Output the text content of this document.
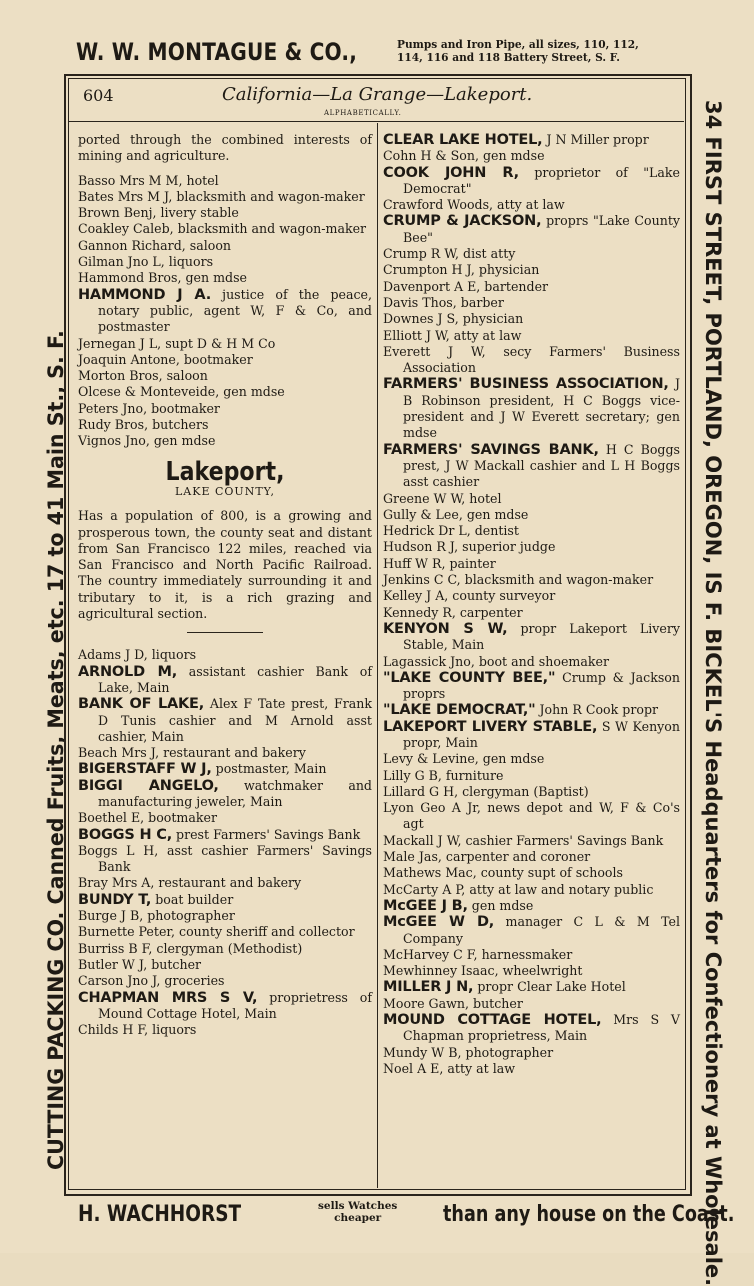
W. W. MONTAGUE & CO.,	Pumps and Iron Pipe, all sizes, 110, 112,
114, 116 and 118 Battery Street, S. F.
CUTTING PACKING CO. Canned Fruits, Meats, etc. 17 to 41 Main St., S. F.	34 FIRST STREET, PORTLAND, OREGON, IS F. BICKEL'S Headquarters for Confectionery at Wholesale.
604	California—La Grange—Lakeport.
ALPHABETICALLY.

ported through the combined interests of mining and agriculture.

Basso Mrs M M, hotel

Bates Mrs M J, blacksmith and wagon-maker

Brown Benj, livery stable

Coakley Caleb, blacksmith and wagon-maker

Gannon Richard, saloon

Gilman Jno L, liquors

Hammond Bros, gen mdse

HAMMOND J A. justice of the peace, notary public, agent W, F & Co, and postmaster

Jernegan J L, supt D & H M Co

Joaquin Antone, bootmaker

Morton Bros, saloon

Olcese & Monteveide, gen mdse

Peters Jno, bootmaker

Rudy Bros, butchers

Vignos Jno, gen mdse

Lakeport,
LAKE COUNTY,

Has a population of 800, is a growing and prosperous town, the county seat and distant from San Francisco 122 miles, reached via San Francisco and North Pacific Railroad. The country immediately surrounding it and tributary to it, is a rich grazing and agricultural section.

Adams J D, liquors

ARNOLD M, assistant cashier Bank of Lake, Main

BANK OF LAKE, Alex F Tate prest, Frank D Tunis cashier and M Arnold asst cashier, Main

Beach Mrs J, restaurant and bakery

BIGERSTAFF W J, postmaster, Main

BIGGI ANGELO, watchmaker and manufacturing jeweler, Main

Boethel E, bootmaker

BOGGS H C, prest Farmers' Savings Bank

Boggs L H, asst cashier Farmers' Savings Bank

Bray Mrs A, restaurant and bakery

BUNDY T, boat builder

Burge J B, photographer

Burnette Peter, county sheriff and collector

Burriss B F, clergyman (Methodist)

Butler W J, butcher

Carson Jno J, groceries

CHAPMAN MRS S V, proprietress of Mound Cottage Hotel, Main

Childs H F, liquors

CLEAR LAKE HOTEL, J N Miller propr

Cohn H & Son, gen mdse

COOK JOHN R, proprietor of "Lake Democrat"

Crawford Woods, atty at law

CRUMP & JACKSON, proprs "Lake County Bee"

Crump R W, dist atty

Crumpton H J, physician

Davenport A E, bartender

Davis Thos, barber

Downes J S, physician

Elliott J W, atty at law

Everett J W, secy Farmers' Business Association

FARMERS' BUSINESS ASSOCIATION, J B Robinson president, H C Boggs vice-president and J W Everett secretary; gen mdse

FARMERS' SAVINGS BANK, H C Boggs prest, J W Mackall cashier and L H Boggs asst cashier

Greene W W, hotel

Gully & Lee, gen mdse

Hedrick Dr L, dentist

Hudson R J, superior judge

Huff W R, painter

Jenkins C C, blacksmith and wagon-maker

Kelley J A, county surveyor

Kennedy R, carpenter

KENYON S W, propr Lakeport Livery Stable, Main

Lagassick Jno, boot and shoemaker

"LAKE COUNTY BEE," Crump & Jackson proprs

"LAKE DEMOCRAT," John R Cook propr

LAKEPORT LIVERY STABLE, S W Kenyon propr, Main

Levy & Levine, gen mdse

Lilly G B, furniture

Lillard G H, clergyman (Baptist)

Lyon Geo A Jr, news depot and W, F & Co's agt

Mackall J W, cashier Farmers' Savings Bank

Male Jas, carpenter and coroner

Mathews Mac, county supt of schools

McCarty A P, atty at law and notary public

McGEE J B, gen mdse

McGEE W D, manager C L & M Tel Company

McHarvey C F, harnessmaker

Mewhinney Isaac, wheelwright

MILLER J N, propr Clear Lake Hotel

Moore Gawn, butcher

MOUND COTTAGE HOTEL, Mrs S V Chapman proprietress, Main

Mundy W B, photographer

Noel A E, atty at law

H. WACHHORST	sells Watches
cheaper	than any house on the Coast.
